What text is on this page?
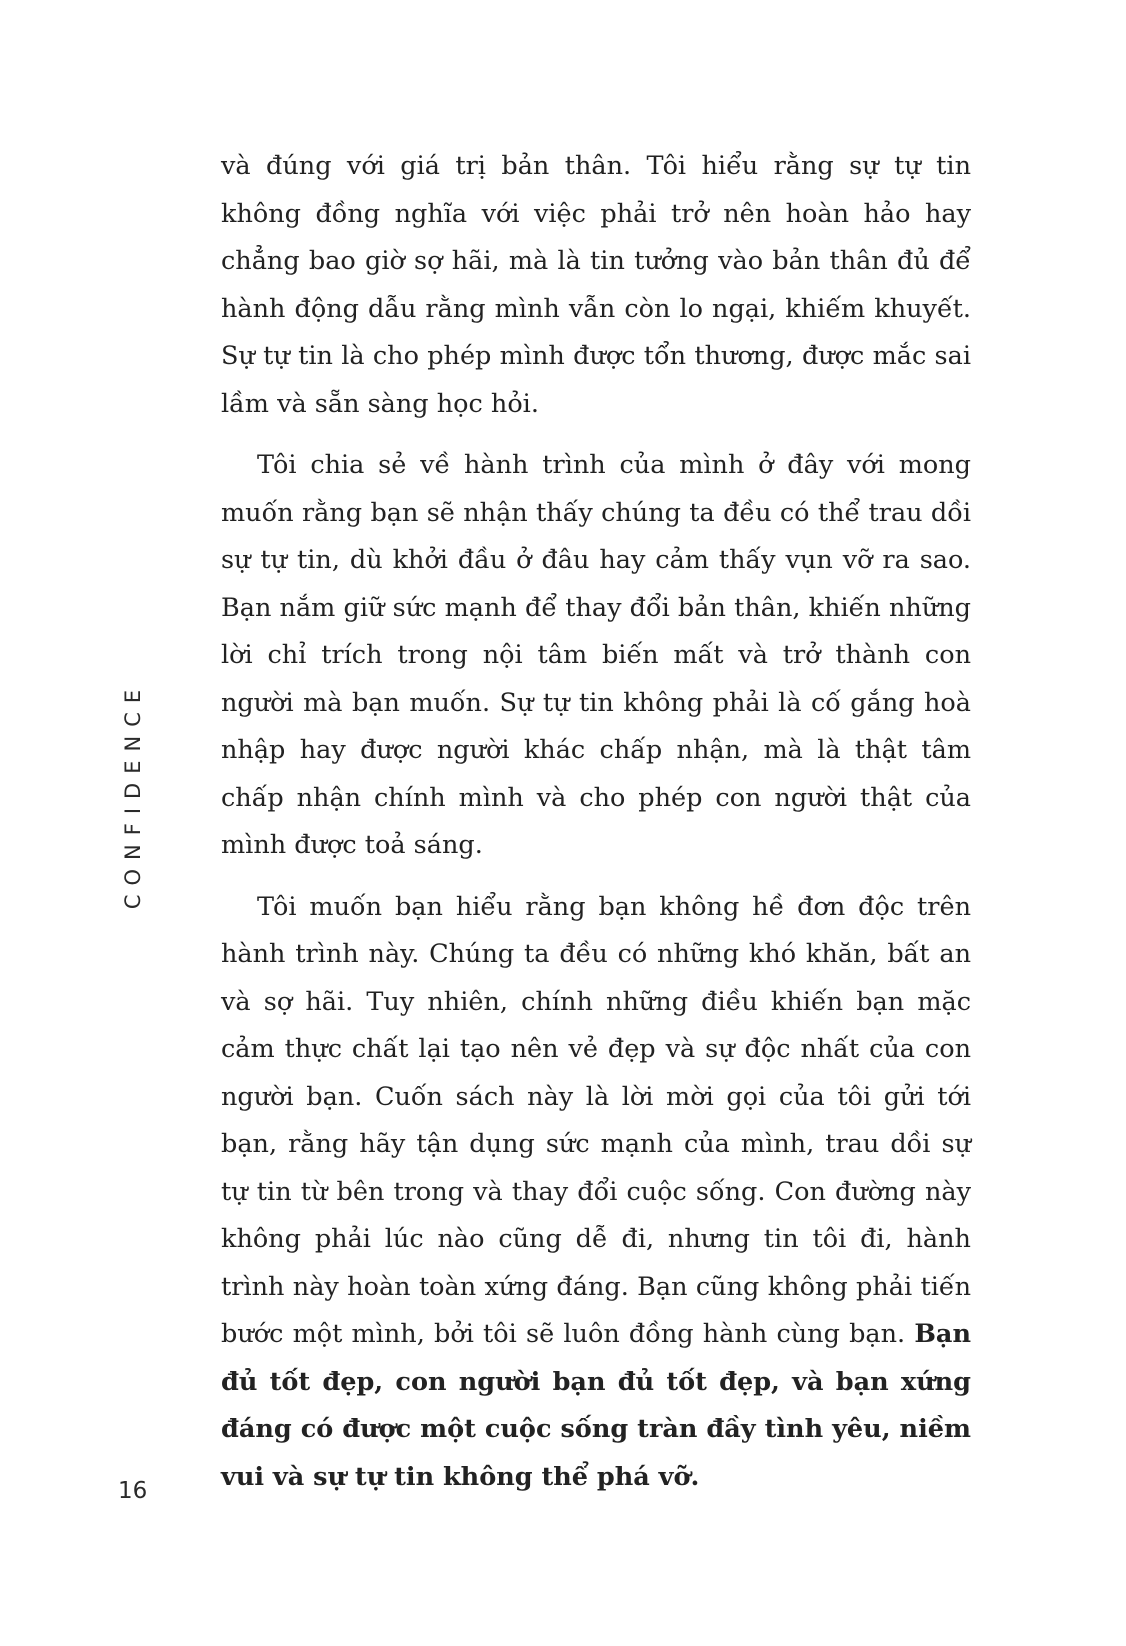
CONFIDENCE

và đúng với giá trị bản thân. Tôi hiểu rằng sự tự tin không đồng nghĩa với việc phải trở nên hoàn hảo hay chẳng bao giờ sợ hãi, mà là tin tưởng vào bản thân đủ để hành động dẫu rằng mình vẫn còn lo ngại, khiếm khuyết. Sự tự tin là cho phép mình được tổn thương, được mắc sai lầm và sẵn sàng học hỏi.

Tôi chia sẻ về hành trình của mình ở đây với mong muốn rằng bạn sẽ nhận thấy chúng ta đều có thể trau dồi sự tự tin, dù khởi đầu ở đâu hay cảm thấy vụn vỡ ra sao. Bạn nắm giữ sức mạnh để thay đổi bản thân, khiến những lời chỉ trích trong nội tâm biến mất và trở thành con người mà bạn muốn. Sự tự tin không phải là cố gắng hoà nhập hay được người khác chấp nhận, mà là thật tâm chấp nhận chính mình và cho phép con người thật của mình được toả sáng.

Tôi muốn bạn hiểu rằng bạn không hề đơn độc trên hành trình này. Chúng ta đều có những khó khăn, bất an và sợ hãi. Tuy nhiên, chính những điều khiến bạn mặc cảm thực chất lại tạo nên vẻ đẹp và sự độc nhất của con người bạn. Cuốn sách này là lời mời gọi của tôi gửi tới bạn, rằng hãy tận dụng sức mạnh của mình, trau dồi sự tự tin từ bên trong và thay đổi cuộc sống. Con đường này không phải lúc nào cũng dễ đi, nhưng tin tôi đi, hành trình này hoàn toàn xứng đáng. Bạn cũng không phải tiến bước một mình, bởi tôi sẽ luôn đồng hành cùng bạn. Bạn đủ tốt đẹp, con người bạn đủ tốt đẹp, và bạn xứng đáng có được một cuộc sống tràn đầy tình yêu, niềm vui và sự tự tin không thể phá vỡ.

16
